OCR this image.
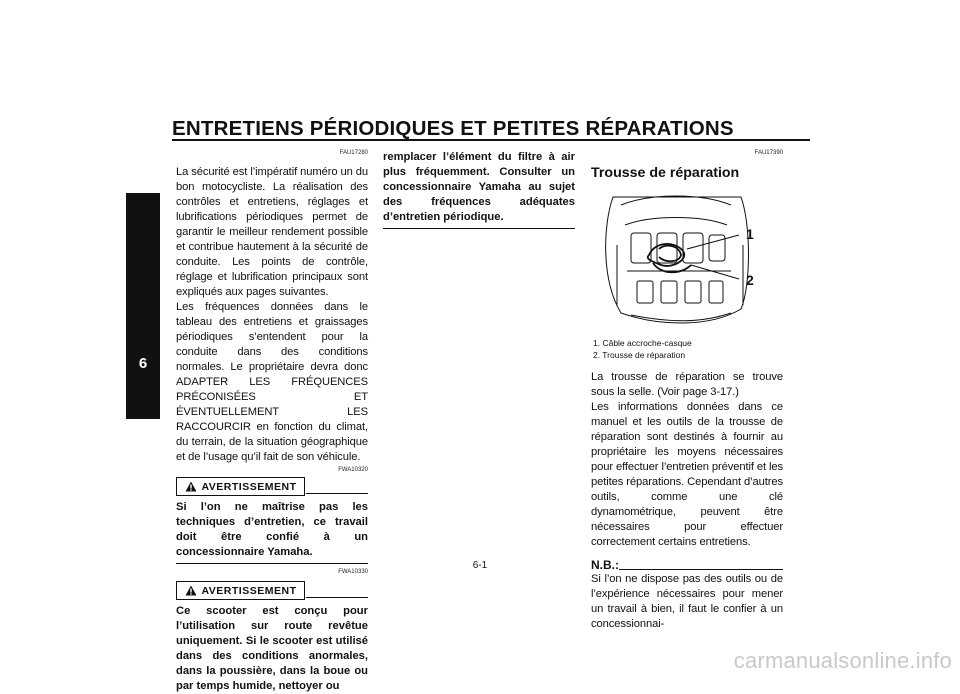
ENTRETIENS PÉRIODIQUES ET PETITES RÉPARATIONS
6
FAU17280

La sécurité est l’impératif numéro un du bon motocycliste. La réalisation des contrôles et entretiens, réglages et lubrifications périodiques permet de garantir le meilleur rendement possible et contribue hautement à la sécurité de conduite. Les points de contrôle, réglage et lubrification principaux sont expliqués aux pages suivantes.

Les fréquences données dans le tableau des entretiens et graissages périodiques s’entendent pour la conduite dans des conditions normales. Le propriétaire devra donc ADAPTER LES FRÉQUENCES PRÉCONISÉES ET ÉVENTUELLEMENT LES RACCOURCIR en fonction du climat, du terrain, de la situation géographique et de l’usage qu’il fait de son véhicule.

FWA10320
AVERTISSEMENT

Si l’on ne maîtrise pas les techniques d’entretien, ce travail doit être confié à un concessionnaire Yamaha.

FWA10330
AVERTISSEMENT

Ce scooter est conçu pour l’utilisation sur route revêtue uniquement. Si le scooter est utilisé dans des conditions anormales, dans la poussière, dans la boue ou par temps humide, nettoyer ou

remplacer l’élément du filtre à air plus fréquemment. Consulter un concessionnaire Yamaha au sujet des fréquences adéquates d’entretien périodique.

FAU17390
Trousse de réparation
1
2
1. Câble accroche-casque
2. Trousse de réparation

La trousse de réparation se trouve sous la selle. (Voir page 3-17.)

Les informations données dans ce manuel et les outils de la trousse de réparation sont destinés à fournir au propriétaire les moyens nécessaires pour effectuer l’entretien préventif et les petites réparations. Cependant d’autres outils, comme une clé dynamométrique, peuvent être nécessaires pour effectuer correctement certains entretiens.

N.B.:

Si l’on ne dispose pas des outils ou de l’expérience nécessaires pour mener un travail à bien, il faut le confier à un concessionnai-

6-1
carmanualsonline.info
